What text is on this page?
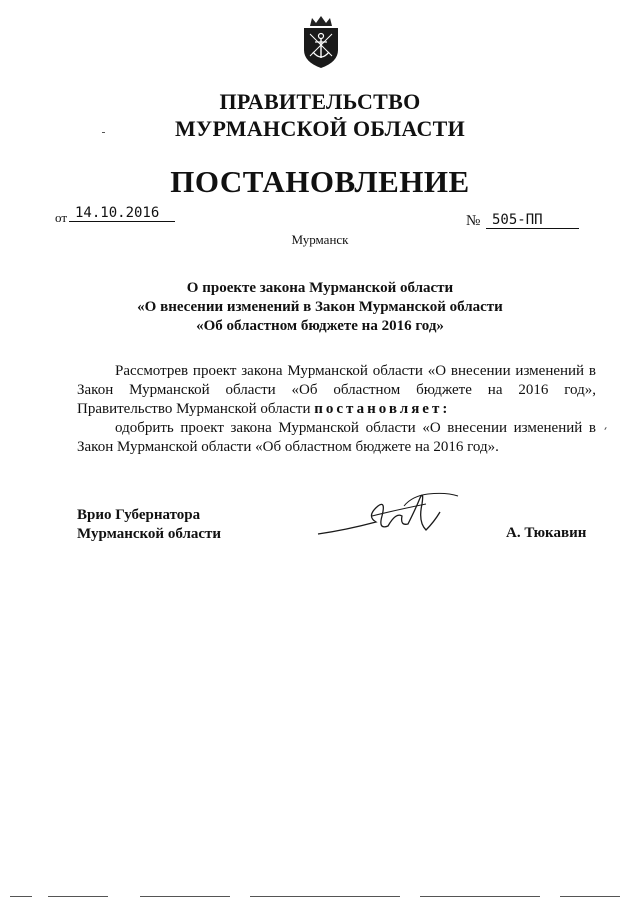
ПРАВИТЕЛЬСТВО
МУРМАНСКОЙ ОБЛАСТИ
ПОСТАНОВЛЕНИЕ
от 14.10.2016	№ 505-ПП
Мурманск
О проекте закона Мурманской области
«О внесении изменений в Закон Мурманской области
«Об областном бюджете на 2016 год»

Рассмотрев проект закона Мурманской области «О внесении изменений в Закон Мурманской области «Об областном бюджете на 2016 год», Правительство Мурманской области постановляет:

одобрить проект закона Мурманской области «О внесении изменений в Закон Мурманской области «Об областном бюджете на 2016 год».

Врио Губернатора
Мурманской области	А. Тюкавин
